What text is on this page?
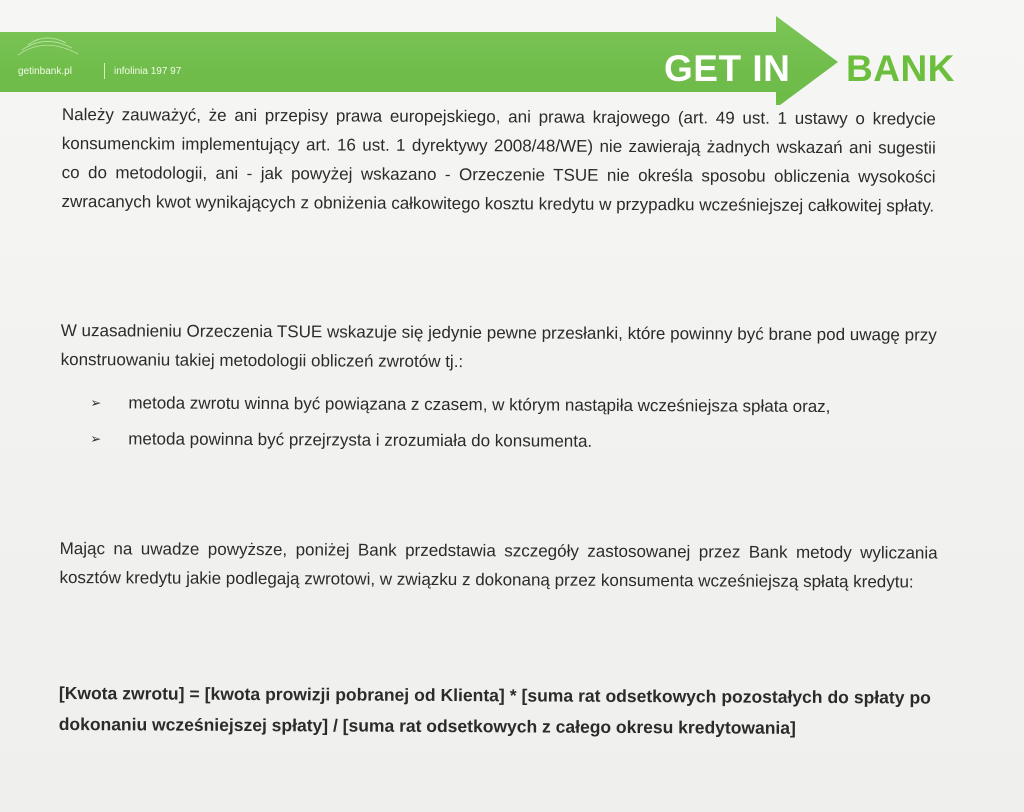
getinbank.pl	infolinia 197 97	GET IN BANK

Należy zauważyć, że ani przepisy prawa europejskiego, ani prawa krajowego (art. 49 ust. 1 ustawy o kredycie konsumenckim implementujący art. 16 ust. 1 dyrektywy 2008/48/WE) nie zawierają żadnych wskazań ani sugestii co do metodologii, ani - jak powyżej wskazano - Orzeczenie TSUE nie określa sposobu obliczenia wysokości zwracanych kwot wynikających z obniżenia całkowitego kosztu kredytu w przypadku wcześniejszej całkowitej spłaty.

W uzasadnieniu Orzeczenia TSUE wskazuje się jedynie pewne przesłanki, które powinny być brane pod uwagę przy konstruowaniu takiej metodologii obliczeń zwrotów tj.:

➢ metoda zwrotu winna być powiązana z czasem, w którym nastąpiła wcześniejsza spłata oraz,
➢ metoda powinna być przejrzysta i zrozumiała do konsumenta.

Mając na uwadze powyższe, poniżej Bank przedstawia szczegóły zastosowanej przez Bank metody wyliczania kosztów kredytu jakie podlegają zwrotowi, w związku z dokonaną przez konsumenta wcześniejszą spłatą kredytu:

[Kwota zwrotu] = [kwota prowizji pobranej od Klienta] * [suma rat odsetkowych pozostałych do spłaty po dokonaniu wcześniejszej spłaty] / [suma rat odsetkowych z całego okresu kredytowania]
